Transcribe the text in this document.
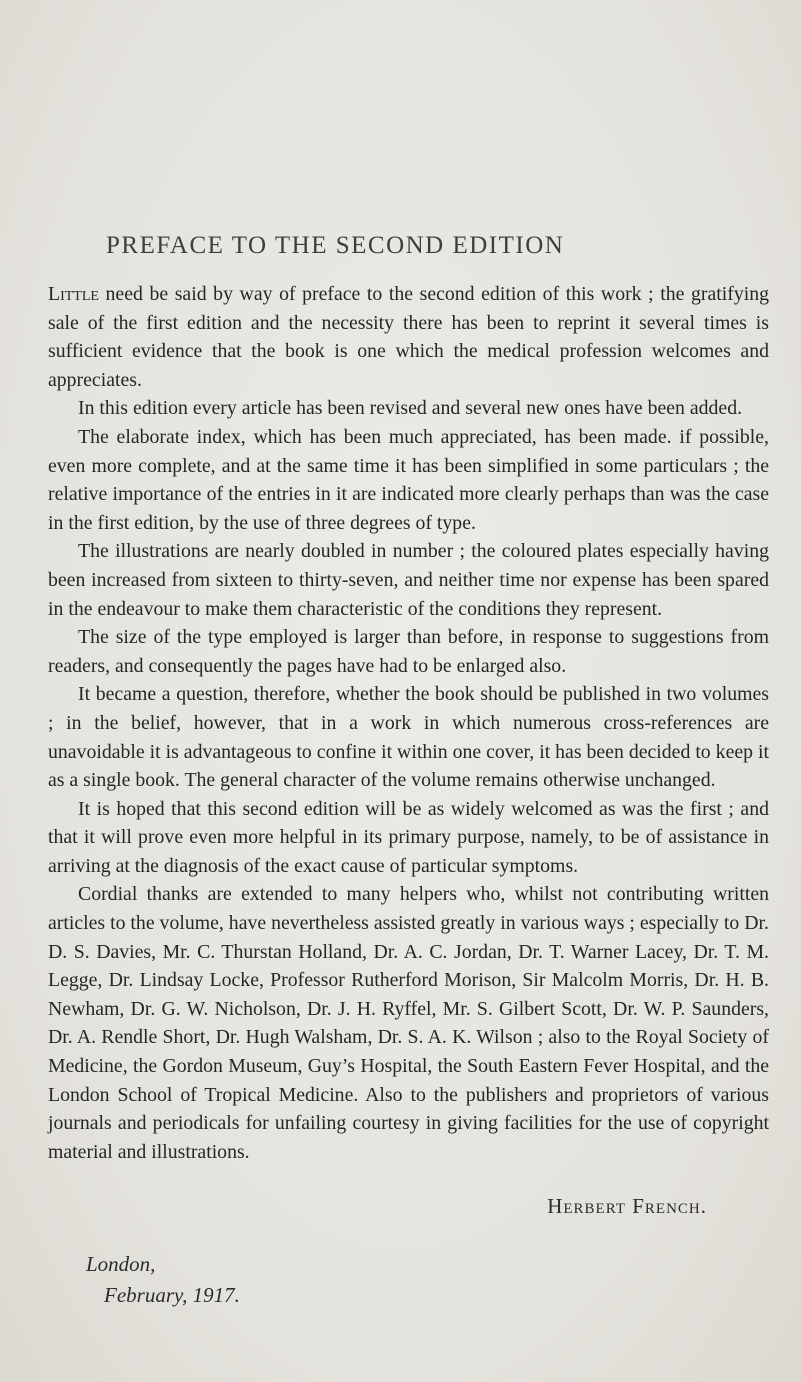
PREFACE TO THE SECOND EDITION

Little need be said by way of preface to the second edition of this work ; the gratifying sale of the first edition and the necessity there has been to reprint it several times is sufficient evidence that the book is one which the medical profession welcomes and appreciates.

In this edition every article has been revised and several new ones have been added.

The elaborate index, which has been much appreciated, has been made. if possible, even more complete, and at the same time it has been simplified in some particulars ; the relative importance of the entries in it are indicated more clearly perhaps than was the case in the first edition, by the use of three degrees of type.

The illustrations are nearly doubled in number ; the coloured plates especially having been increased from sixteen to thirty-seven, and neither time nor expense has been spared in the endeavour to make them characteristic of the conditions they represent.

The size of the type employed is larger than before, in response to suggestions from readers, and consequently the pages have had to be enlarged also.

It became a question, therefore, whether the book should be published in two volumes ; in the belief, however, that in a work in which numerous cross-references are unavoidable it is advantageous to confine it within one cover, it has been decided to keep it as a single book. The general character of the volume remains otherwise unchanged.

It is hoped that this second edition will be as widely welcomed as was the first ; and that it will prove even more helpful in its primary purpose, namely, to be of assistance in arriving at the diagnosis of the exact cause of particular symptoms.

Cordial thanks are extended to many helpers who, whilst not contributing written articles to the volume, have nevertheless assisted greatly in various ways ; especially to Dr. D. S. Davies, Mr. C. Thurstan Holland, Dr. A. C. Jordan, Dr. T. Warner Lacey, Dr. T. M. Legge, Dr. Lindsay Locke, Professor Rutherford Morison, Sir Malcolm Morris, Dr. H. B. Newham, Dr. G. W. Nicholson, Dr. J. H. Ryffel, Mr. S. Gilbert Scott, Dr. W. P. Saunders, Dr. A. Rendle Short, Dr. Hugh Walsham, Dr. S. A. K. Wilson ; also to the Royal Society of Medicine, the Gordon Museum, Guy’s Hospital, the South Eastern Fever Hospital, and the London School of Tropical Medicine. Also to the publishers and proprietors of various journals and periodicals for unfailing courtesy in giving facilities for the use of copyright material and illustrations.

Herbert French.
London,
February, 1917.
